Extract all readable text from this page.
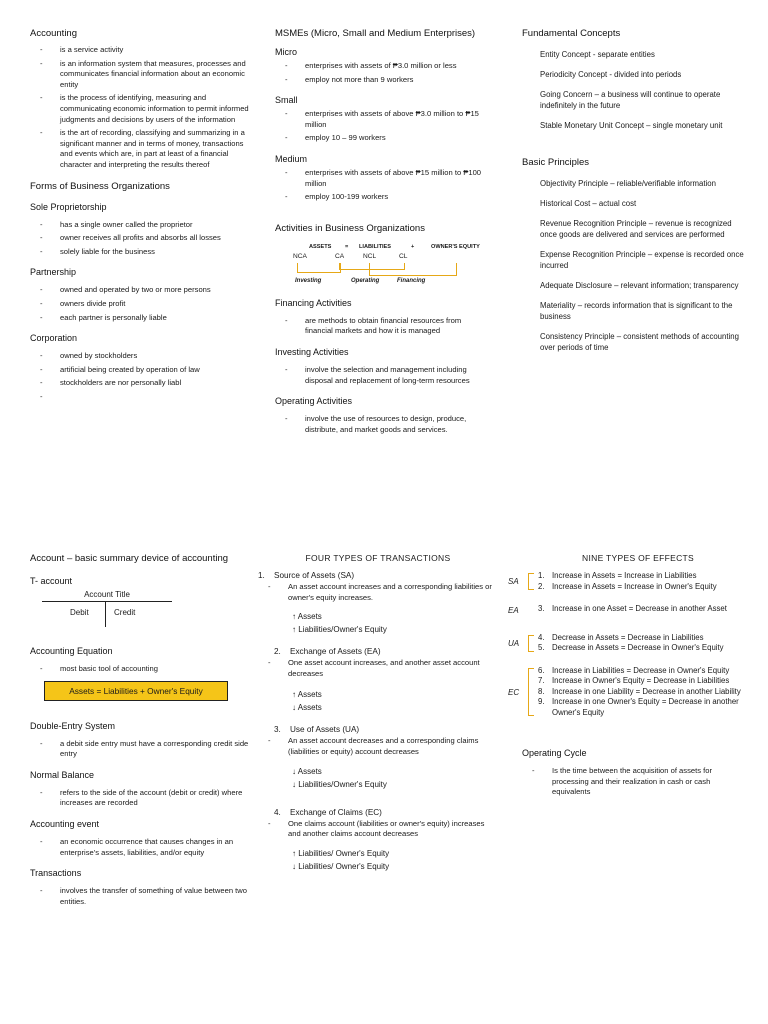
Accounting
- is a service activity
- is an information system that measures, processes and communicates financial information about an economic entity
- is the process of identifying, measuring and communicating economic information to permit informed judgments and decisions by users of the information
- is the art of recording, classifying and summarizing in a significant manner and in terms of money, transactions and events which are, in part at least of a financial character and interpreting the results thereof
Forms of Business Organizations
Sole Proprietorship
- has a single owner called the proprietor
- owner receives all profits and absorbs all losses
- solely liable for the business
Partnership
- owned and operated by two or more persons
- owners divide profit
- each partner is personally liable
Corporation
- owned by stockholders
- artificial being created by operation of law
- stockholders are nor personally liabl
MSMEs (Micro, Small and Medium Enterprises)
Micro
- enterprises with assets of ₱3.0 million or less
- employ not more than 9 workers
Small
- enterprises with assets of above ₱3.0 million to ₱15 million
- employ 10 – 99 workers
Medium
- enterprises with assets of above ₱15 million to ₱100 million
- employ 100-199 workers
Activities in Business Organizations
ASSETS = LIABILITIES	+	OWNER'S EQUITY
NCA	CA	NCL	CL
Investing	Operating	Financing
Financing Activities
- are methods to obtain financial resources from financial markets and how it is managed
Investing Activities
- involve the selection and management including disposal and replacement of long-term resources
Operating Activities
- involve the use of resources to design, produce, distribute, and market goods and services.
Fundamental Concepts
Entity Concept - separate entities
Periodicity Concept - divided into periods
Going Concern – a business will continue to operate indefinitely in the future
Stable Monetary Unit Concept – single monetary unit
Basic Principles
Objectivity Principle – reliable/verifiable information
Historical Cost – actual cost
Revenue Recognition Principle – revenue is recognized once goods are delivered and services are performed
Expense Recognition Principle – expense is recorded once incurred
Adequate Disclosure – relevant information; transparency
Materiality – records information that is significant to the business
Consistency Principle – consistent methods of accounting over periods of time
Account – basic summary device of accounting
T- account
Account Title
Debit	Credit
Accounting Equation
- most basic tool of accounting
Assets = Liabilities + Owner's Equity
Double-Entry System
- a debit side entry must have a corresponding credit side entry
Normal Balance
- refers to the side of the account (debit or credit) where increases are recorded
Accounting event
- an economic occurrence that causes changes in an enterprise's assets, liabilities, and/or equity
Transactions
- involves the transfer of something of value between two entities.
FOUR TYPES OF TRANSACTIONS
1. Source of Assets (SA)
- An asset account increases and a corresponding liabilities or owner's equity increases.
↑ Assets
↑ Liabilities/Owner's Equity
2. Exchange of Assets (EA)
- One asset account increases, and another asset account decreases
↑ Assets
↓ Assets
3. Use of Assets (UA)
- An asset account decreases and a corresponding claims (liabilities or equity) account decreases
↓ Assets
↓ Liabilities/Owner's Equity
4. Exchange of Claims (EC)
- One claims account (liabilities or owner's equity) increases and another claims account decreases
↑ Liabilities/ Owner's Equity
↓ Liabilities/ Owner's Equity
NINE TYPES OF EFFECTS
SA
1. Increase in Assets = Increase in Liabilities
2. Increase in Assets = Increase in Owner's Equity
EA 3. Increase in one Asset = Decrease in another Asset
UA
4. Decrease in Assets = Decrease in Liabilities
5. Decrease in Assets = Decrease in Owner's Equity
EC
6. Increase in Liabilities = Decrease in Owner's Equity
7. Increase in Owner's Equity = Decrease in Liabilities
8. Increase in one Liability = Decrease in another Liability
9. Increase in one Owner's Equity = Decrease in another Owner's Equity
Operating Cycle
- Is the time between the acquisition of assets for processing and their realization in cash or cash equivalents
